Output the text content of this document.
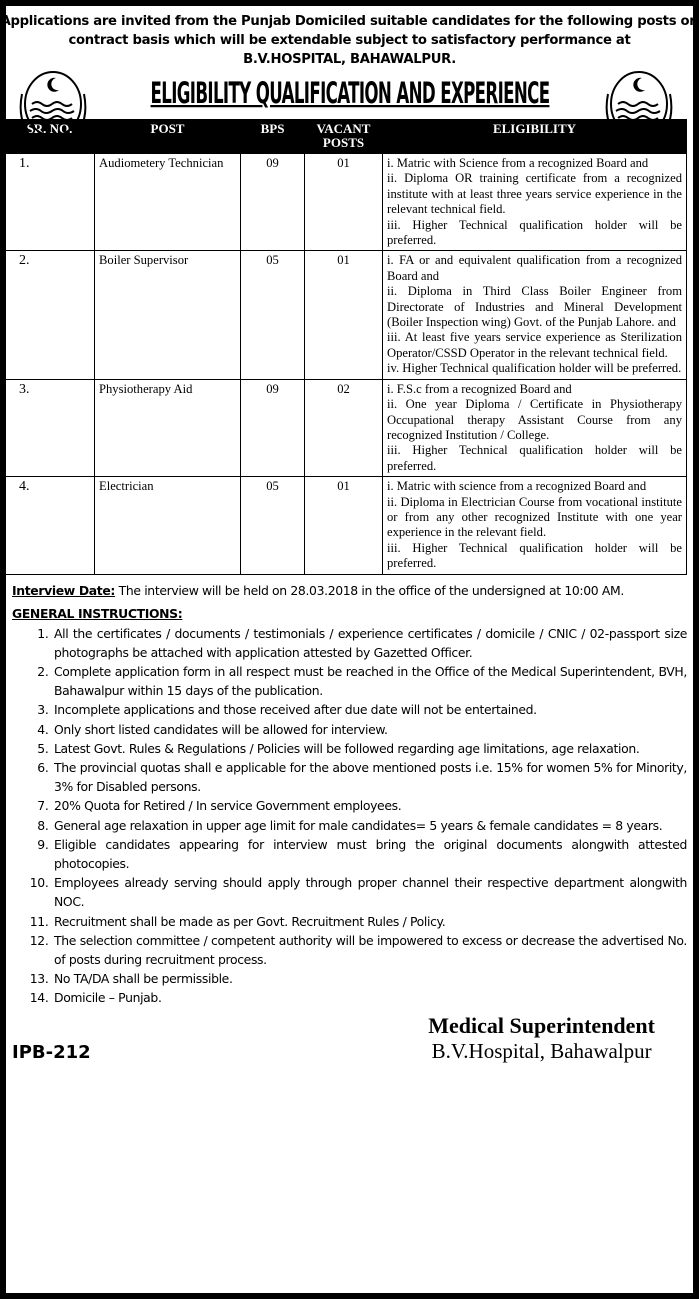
Applications are invited from the Punjab Domiciled suitable candidates for the following posts on
contract basis which will be extendable subject to satisfactory performance at
B.V.HOSPITAL, BAHAWALPUR.
ELIGIBILITY QUALIFICATION AND EXPERIENCE
SR. NO.	POST	BPS	VACANT POSTS	ELIGIBILITY
1.	Audiometery Technician	09	01	i. Matric with Science from a recognized Board and
ii. Diploma OR training certificate from a recognized institute with at least three years service experience in the relevant technical field.
iii. Higher Technical qualification holder will be preferred.

2.	Boiler Supervisor	05	01	i. FA or and equivalent qualification from a recognized Board and
ii. Diploma in Third Class Boiler Engineer from Directorate of Industries and Mineral Development (Boiler Inspection wing) Govt. of the Punjab Lahore. and
iii. At least five years service experience as Sterilization Operator/CSSD Operator in the relevant technical field.
iv. Higher Technical qualification holder will be preferred.

3.	Physiotherapy Aid	09	02	i. F.S.c from a recognized Board and
ii. One year Diploma / Certificate in Physiotherapy Occupational therapy Assistant Course from any recognized Institution / College.
iii. Higher Technical qualification holder will be preferred.

4.	Electrician	05	01	i. Matric with science from a recognized Board and
ii. Diploma in Electrician Course from vocational institute or from any other recognized Institute with one year experience in the relevant field.
iii. Higher Technical qualification holder will be preferred.
Interview Date: The interview will be held on 28.03.2018 in the office of the undersigned at 10:00 AM.
GENERAL INSTRUCTIONS:
1. All the certificates / documents / testimonials / experience certificates / domicile / CNIC / 02-passport size photographs be attached with application attested by Gazetted Officer.
2. Complete application form in all respect must be reached in the Office of the Medical Superintendent, BVH, Bahawalpur within 15 days of the publication.
3. Incomplete applications and those received after due date will not be entertained.
4. Only short listed candidates will be allowed for interview.
5. Latest Govt. Rules & Regulations / Policies will be followed regarding age limitations, age relaxation.
6. The provincial quotas shall e applicable for the above mentioned posts i.e. 15% for women 5% for Minority, 3% for Disabled persons.
7. 20% Quota for Retired / In service Government employees.
8. General age relaxation in upper age limit for male candidates= 5 years & female candidates = 8 years.
9. Eligible candidates appearing for interview must bring the original documents alongwith attested photocopies.
10. Employees already serving should apply through proper channel their respective department alongwith NOC.
11. Recruitment shall be made as per Govt. Recruitment Rules / Policy.
12. The selection committee / competent authority will be impowered to excess or decrease the advertised No. of posts during recruitment process.
13. No TA/DA shall be permissible.
14. Domicile – Punjab.
IPB-212
Medical Superintendent
B.V.Hospital, Bahawalpur
